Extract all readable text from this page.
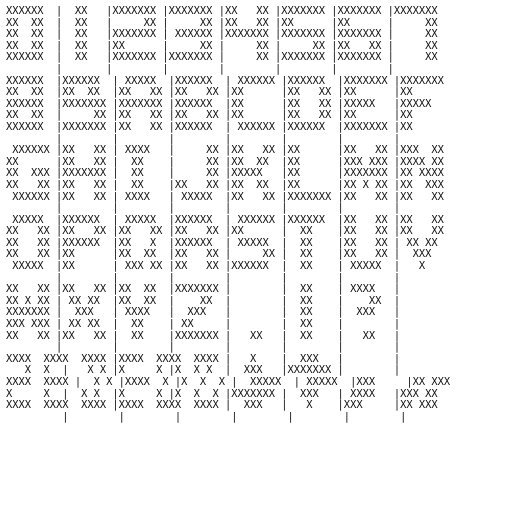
XXXXXX  |  XX   |XXXXXXX |XXXXXXX |XX   XX |XXXXXXX |XXXXXXX |XXXXXXX
XX  XX  |  XX   |     XX |     XX |XX   XX |XX      |XX      |     XX
XX  XX  |  XX   |XXXXXXX | XXXXXX |XXXXXXX |XXXXXXX |XXXXXXX |     XX
XX  XX  |  XX   |XX      |     XX |     XX |     XX |XX   XX |     XX
XXXXXX  |  XX   |XXXXXXX |XXXXXXX |     XX |XXXXXXX |XXXXXXX |     XX
|       |        |        |        |        |        |
XXXXXX  |XXXXXX  | XXXXX  |XXXXXX  | XXXXXX |XXXXXX  |XXXXXXX |XXXXXXX
XX  XX  |XX  XX  |XX   XX |XX   XX |XX      |XX   XX |XX      |XX
XXXXXX  |XXXXXXX |XXXXXXX |XXXXXX  |XX      |XX   XX |XXXXX   |XXXXX
XX  XX  |     XX |XX   XX |XX   XX |XX      |XX   XX |XX      |XX
XXXXXX  |XXXXXXX |XX   XX |XXXXXX  | XXXXXX |XXXXXX  |XXXXXXX |XX
|        |        |        |        |        |        |
XXXXXX |XX   XX | XXXX   |     XX |XX   XX |XX      |XX   XX |XXX  XX
XX      |XX   XX |  XX    |     XX |XX  XX  |XX      |XXX XXX |XXXX XX
XX  XXX |XXXXXXX |  XX    |     XX |XXXXX   |XX      |XXXXXXX |XX XXXX
XX   XX |XX   XX |  XX    |XX   XX |XX  XX  |XX      |XX X XX |XX  XXX
XXXXXX |XX   XX | XXXX   | XXXXX  |XX   XX |XXXXXXX |XX   XX |XX   XX
|        |        |        |        |        |        |
XXXXX  |XXXXXX  | XXXXX  |XXXXXX  | XXXXXX |XXXXXX  |XX   XX |XX   XX
XX   XX |XX   XX |XX   XX |XX   XX |XX      |  XX    |XX   XX |XX   XX
XX   XX |XXXXXX  |XX   X  |XXXXXX  | XXXXX  |  XX    |XX   XX | XX XX
XX   XX |XX      |XX  XX  |XX   XX |     XX |  XX    |XX   XX |  XXX
XXXXX  |XX      | XXX XX |XX   XX |XXXXXX  |  XX    | XXXXX  |   X
|        |        |        |        |        |        |
XX   XX |XX   XX |XX  XX  |XXXXXXX |        |  XX    | XXXX   |
XX X XX | XX XX  |XX  XX  |    XX  |        |  XX    |    XX  |
XXXXXXX |  XXX   | XXXX   |  XXX   |        |  XX    |  XXX   |
XXX XXX | XX XX  |  XX    | XX     |        |  XX    |        |
XX   XX |XX   XX |  XX    |XXXXXXX |   XX   |  XX    |   XX   |
|        |        |        |        |        |        |
XXXX  XXXX  XXXX |XXXX  XXXX  XXXX |   X    |  XXX   |        |
X  X  |   X X |X     X |X  X X  |  XXX   |XXXXXXX |        |
XXXX  XXXX |  X X |XXXX  X |X  X  X |  XXXXX  | XXXXX  |XXX     |XX XXX
X     X  |  X X  |X     X |X  X  X |XXXXXXX |  XXX   | XXXX   |XXX XX
XXXX  XXXX  XXXX |XXXX  XXXX  XXXX |  XXX   |   X    |XXX     |XX XXX
|        |        |        |        |        |        |
